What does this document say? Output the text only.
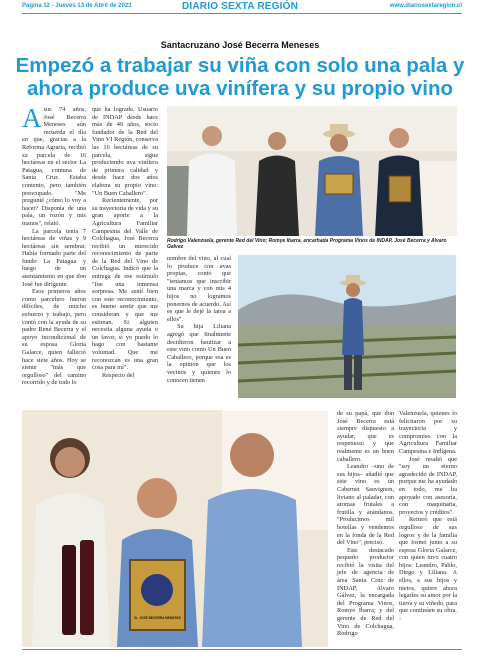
Página 12 - Jueves 13 de Abril de 2023	DIARIO SEXTA REGIÓN	www.diariosextaregion.cl
Santacruzano José Becerra Meneses
Empezó a trabajar su viña con solo una pala y ahora produce uva vinífera y su propio vino
A sus 74 años, José Becerra Meneses aún recuerda el día en que, gracias a la Reforma Agraria, recibió su parcela de 16 hectáreas en el sector La Patagua, comuna de Santa Cruz. Estaba contento, pero también preocupado. "Me pregunté ¿cómo lo voy a hacer? Disponía de una pala, un rozón y mis manos", relató.

La parcela tenía 7 hectáreas de viñas y 9 hectáreas sin sembrar. Había formado parte del fundo La Patagua y luego de un asentamiento en que don José fue dirigente.

Esos primeros años como parcelero fueron difíciles, de mucho esfuerzo y trabajo, pero contó con la ayuda de su padre René Becerra y el apoyo incondicional de su esposa Gloria Galarce, quien falleció hace siete años. Hoy se siente "más que orgulloso" del camino recorrido y de todo lo

que ha logrado. Usuario de INDAP desde hace más de 40 años, socio fundador de la Red del Vino VI Región, conserva las 16 hectáreas de su parcela, sigue produciendo uva vinífera de primera calidad y desde hace dos años elabora su propio vino: "Un Buen Caballero".

Recientemente, por su trayectoria de vida y su gran aporte a la Agricultura Familiar Campesina del Valle de Colchagua, José Becerra recibió un merecido reconocimiento de parte de la Red del Vino de Colchagua. Indicó que la entrega de ese estímulo "fue una inmensa sorpresa. Me sentí bien con este reconocimiento, es bueno sentir que me consideran y que me estiman. Si alguien necesita alguna ayuda o un favor, si yo puedo lo hago con bastante voluntad. Que me reconozcan es una gran cosa para mí".

Respecto del

Rodrigo Valenzuela, gerente Red del Vino; Romye Ibarra, encarhada Programa Vinos de INDAP, José Becerra y Alvaro Galvez

nombre del vino, al cual lo produce con uvas propias, contó que "teníamos que inscribir una marca y con mis 4 hijos no logramos ponernos de acuerdo. Así es que le dejé la tarea a ellos".

Su hija Liliana agregó que finalmente decidieron bautizar a este vino como Un Buen Caballero, porque esa es la opinión que los vecinos y quienes lo conocen tienen

Sr. JOSÉ BECERRA MENESES

de su papá, que don José Becerra está siempre dispuesto a ayudar, que es respetuoso y que realmente es un buen caballero.

Leandro –uno de sus hijos– añadió que este vino es un Cabernet Sauvignon, liviano al paladar, con aromas frutales a frutilla y arándanos. "Producimos mil botellas y vendemos en la fonda de la Red del Vino", precisó.

Este destacado pequeño productor recibió la visita del jefe de agencia de área Santa Cruz de INDAP, Alvaro Gálvez, la encargada del Programa Vinos, Romye Ibarra; y del gerente de Red del Vino de Colchagua, Rodrigo

Valenzuela, quienes lo felicitaron por su trayectoria y compromiso con la Agricultura Familiar Campesina e Indígena.

José resaltó que "soy un eterno agradecido de INDAP, porque me ha ayudado en todo, me ha apoyado con asesoría, con maquinaria, proyectos y créditos".

Reiteró que está orgulloso de sus logros y de la familia que formó junto a su esposa Gloria Galarce, con quien tuvo cuatro hijos: Leandro, Pablo, Diego y Liliana. A ellos, a sus hijos y nietos, quiere ahora legarles su amor por la tierra y su viñedo, para que continúen su obra. -
